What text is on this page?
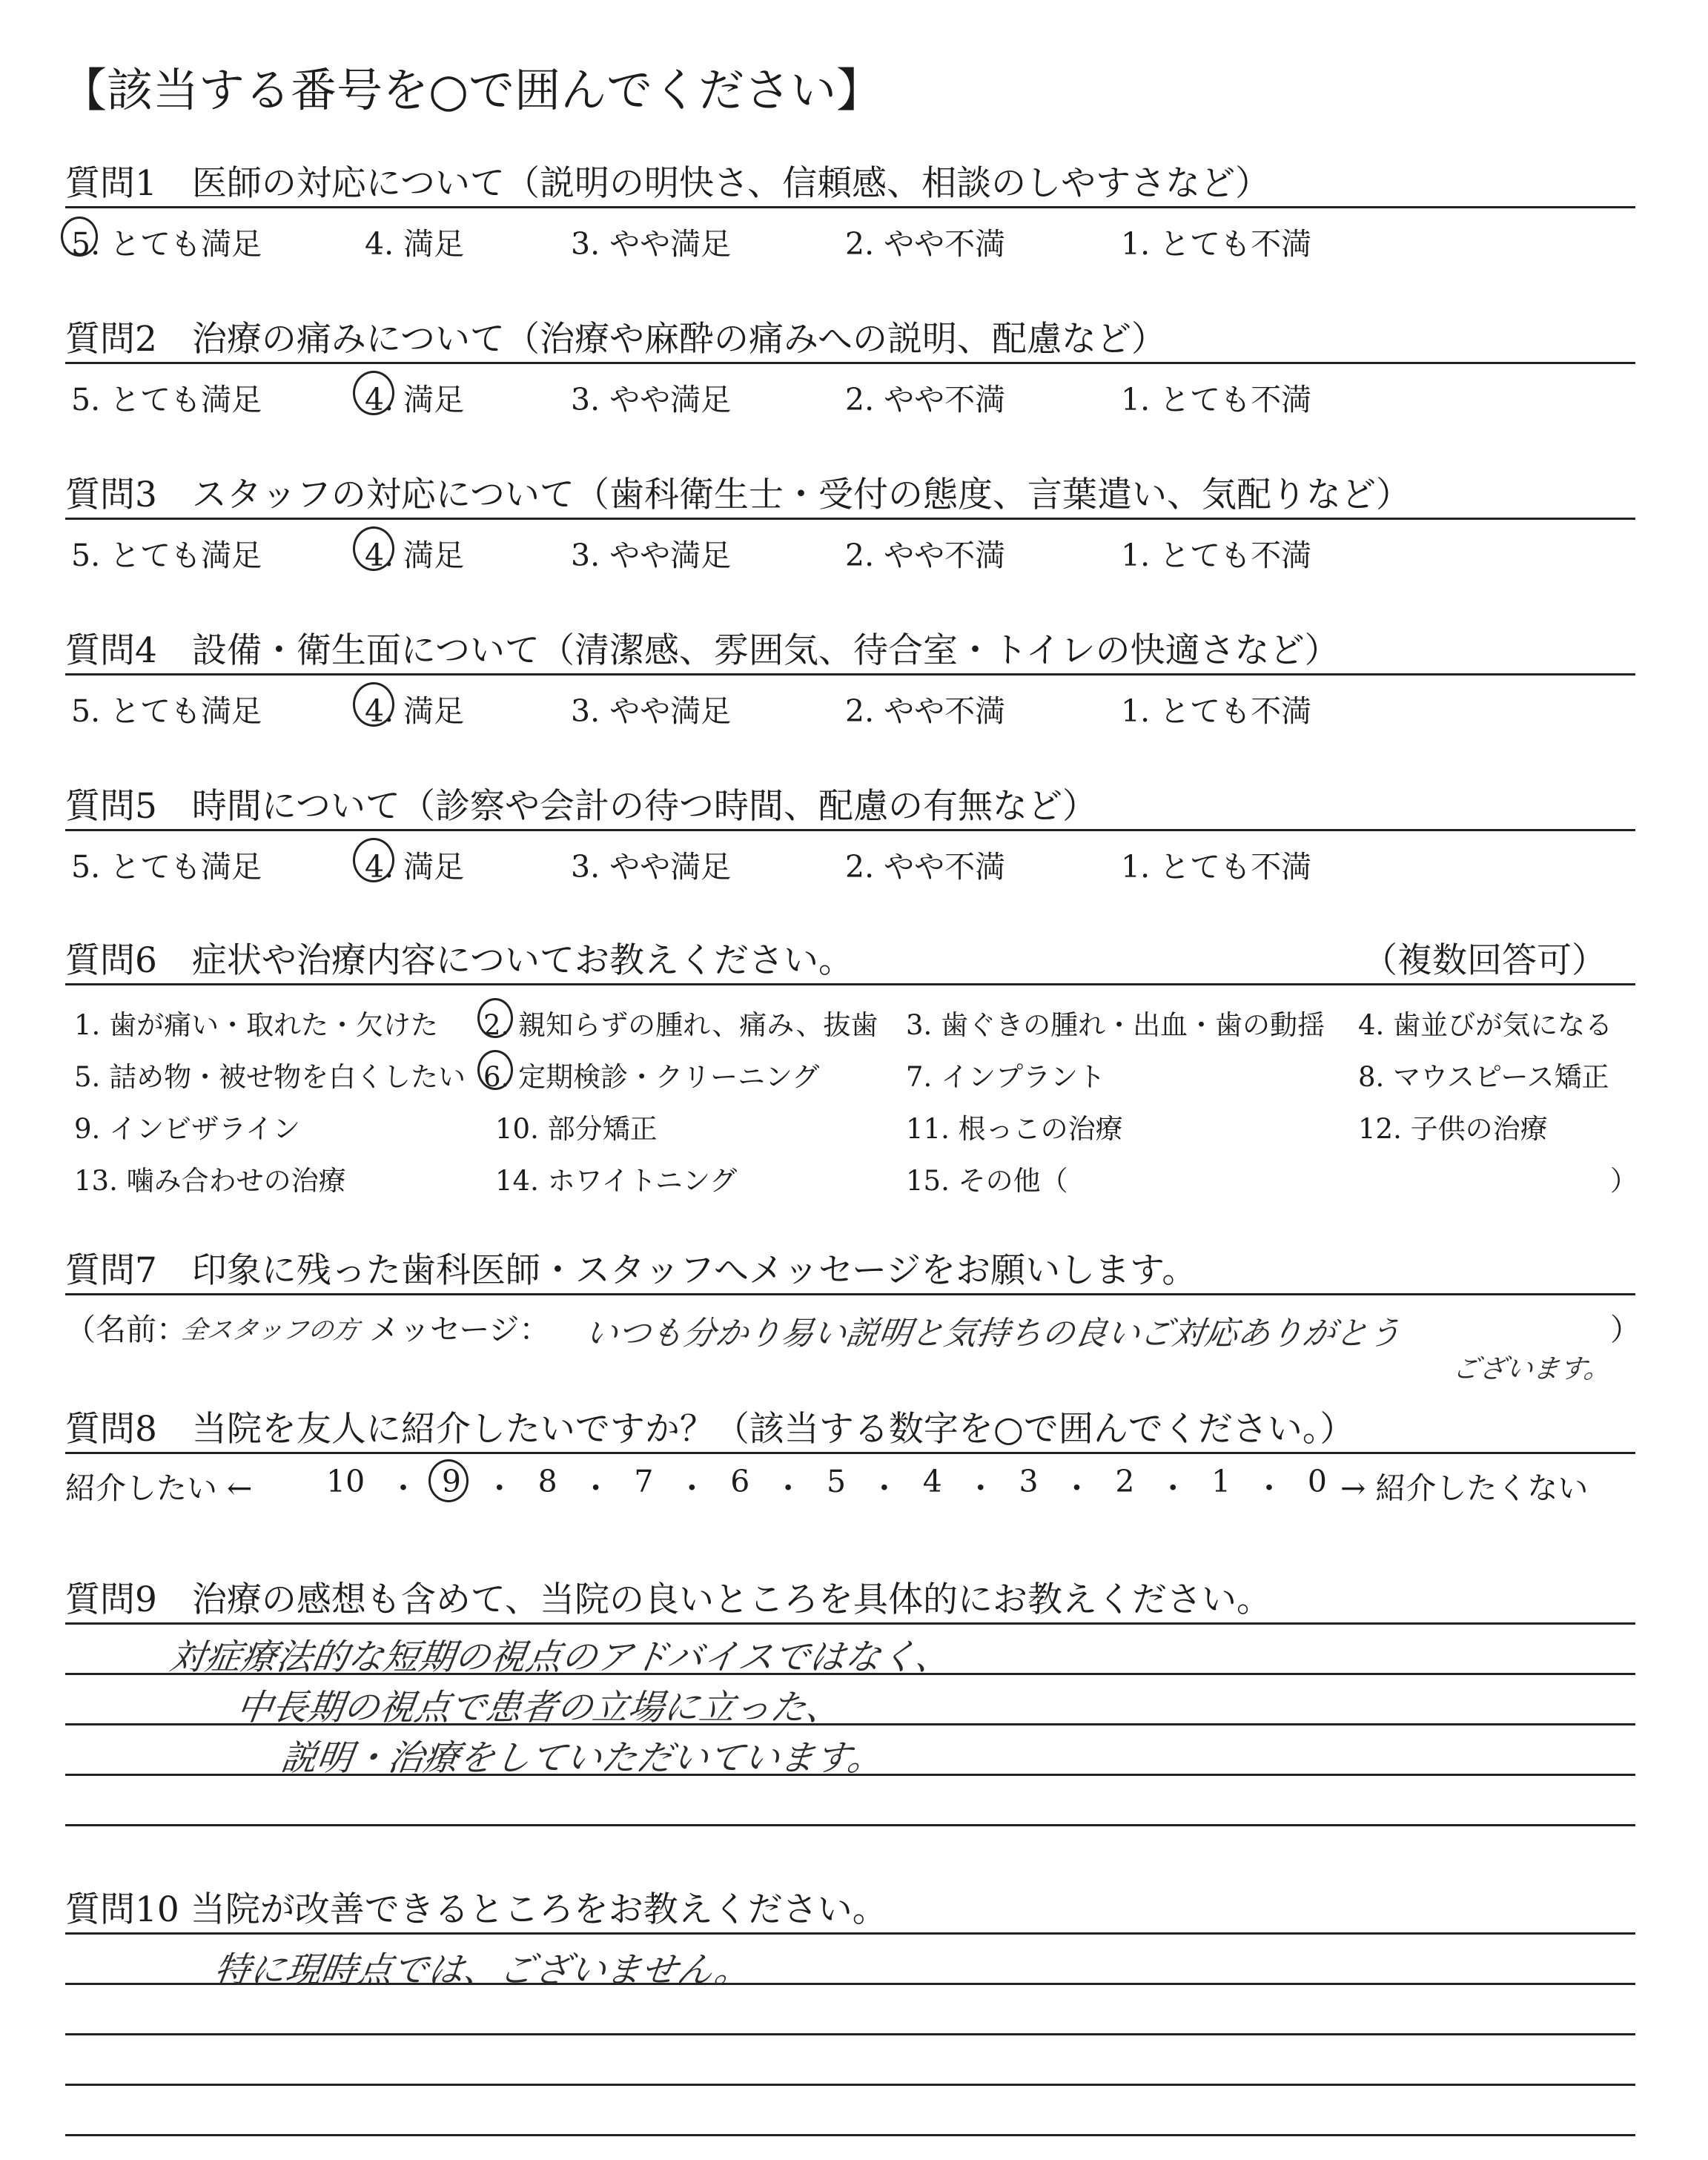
【該当する番号を○で囲んでください】
質問1　医師の対応について（説明の明快さ、信頼感、相談のしやすさなど）
5. とても満足	4. 満足	3. やや満足	2. やや不満	1. とても不満
質問2　治療の痛みについて（治療や麻酔の痛みへの説明、配慮など）
5. とても満足	4. 満足	3. やや満足	2. やや不満	1. とても不満
質問3　スタッフの対応について（歯科衛生士・受付の態度、言葉遣い、気配りなど）
5. とても満足	4. 満足	3. やや満足	2. やや不満	1. とても不満
質問4　設備・衛生面について（清潔感、雰囲気、待合室・トイレの快適さなど）
5. とても満足	4. 満足	3. やや満足	2. やや不満	1. とても不満
質問5　時間について（診察や会計の待つ時間、配慮の有無など）
5. とても満足	4. 満足	3. やや満足	2. やや不満	1. とても不満
質問6　症状や治療内容についてお教えください。	（複数回答可）
1. 歯が痛い・取れた・欠けた 2. 親知らずの腫れ、痛み、抜歯 3. 歯ぐきの腫れ・出血・歯の動揺 4. 歯並びが気になる
5. 詰め物・被せ物を白くしたい 6. 定期検診・クリーニング	7. インプラント	8. マウスピース矯正
9. インビザライン	10. 部分矯正	11. 根っこの治療	12. 子供の治療
13. 噛み合わせの治療	14. ホワイトニング	15. その他（	）
質問7　印象に残った歯科医師・スタッフへメッセージをお願いします。
（名前：
全スタッフの方 メッセージ： いつも分かり易い説明と気持ちの良いご対応ありがとう
ございます。
）
質問8　当院を友人に紹介したいですか？（該当する数字を○で囲んでください。）
紹介したい ← 10 ・ 9 ・ 8 ・ 7 ・ 6 ・ 5 ・ 4 ・ 3 ・ 2 ・ 1 ・ 0 → 紹介したくない
質問9　治療の感想も含めて、当院の良いところを具体的にお教えください。
対症療法的な短期の視点のアドバイスではなく、
中長期の視点で患者の立場に立った、
説明・治療をしていただいています。
質問10 当院が改善できるところをお教えください。
特に現時点では、ございません。
